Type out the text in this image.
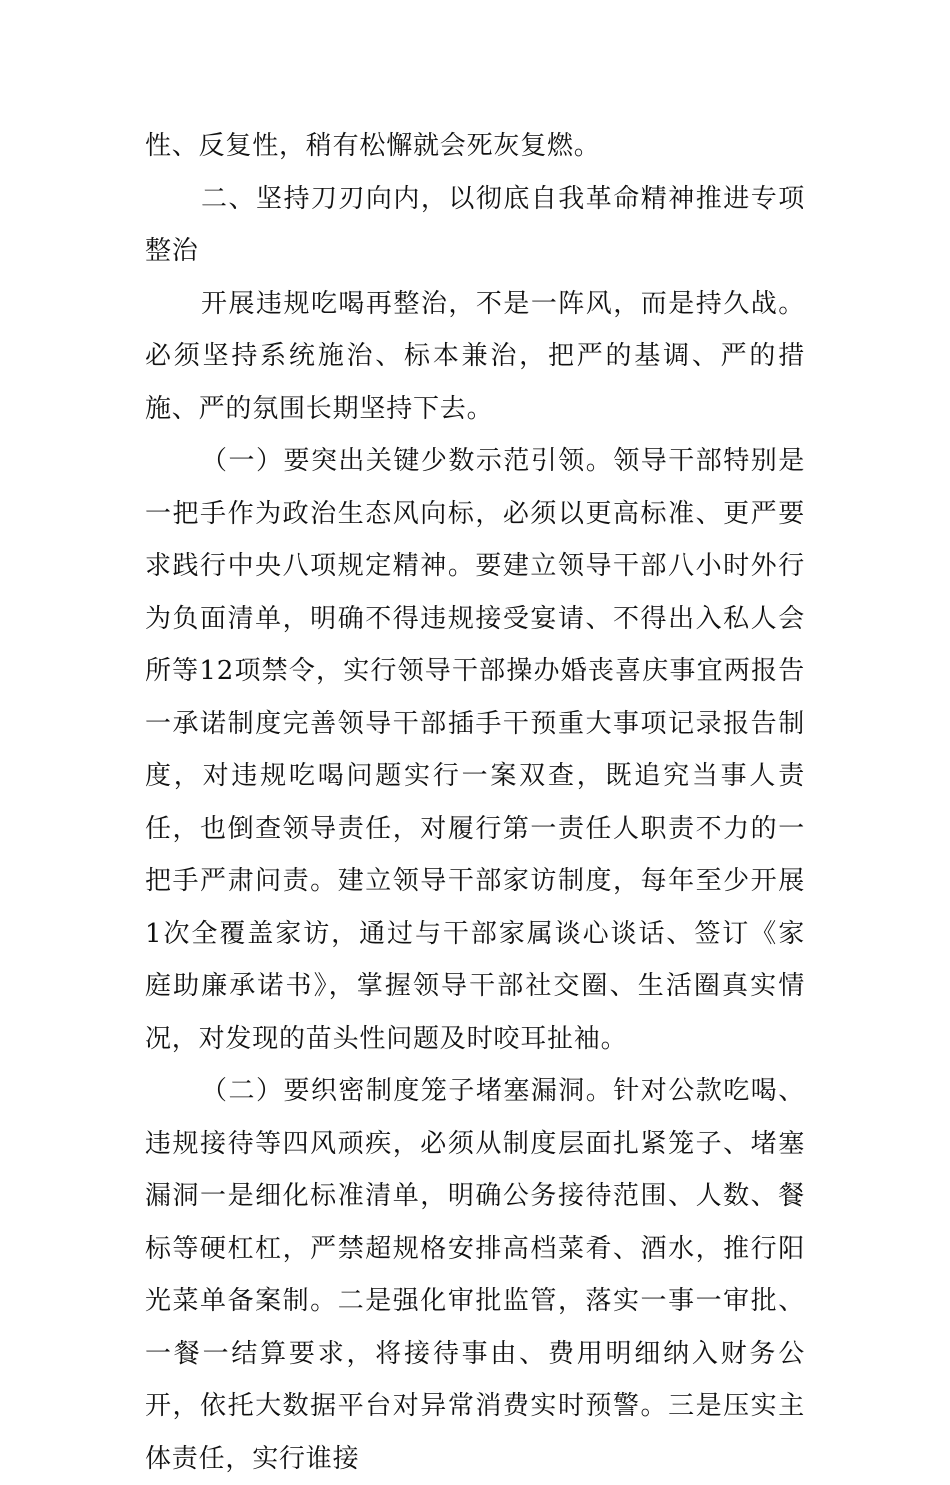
性、反复性，稍有松懈就会死灰复燃。

二、坚持刀刃向内，以彻底自我革命精神推进专项整治

开展违规吃喝再整治，不是一阵风，而是持久战。必须坚持系统施治、标本兼治，把严的基调、严的措施、严的氛围长期坚持下去。

（一）要突出关键少数示范引领。领导干部特别是一把手作为政治生态风向标，必须以更高标准、更严要求践行中央八项规定精神。要建立领导干部八小时外行为负面清单，明确不得违规接受宴请、不得出入私人会所等12项禁令，实行领导干部操办婚丧喜庆事宜两报告一承诺制度完善领导干部插手干预重大事项记录报告制度，对违规吃喝问题实行一案双查，既追究当事人责任，也倒查领导责任，对履行第一责任人职责不力的一把手严肃问责。建立领导干部家访制度，每年至少开展1次全覆盖家访，通过与干部家属谈心谈话、签订《家庭助廉承诺书》，掌握领导干部社交圈、生活圈真实情况，对发现的苗头性问题及时咬耳扯袖。

（二）要织密制度笼子堵塞漏洞。针对公款吃喝、违规接待等四风顽疾，必须从制度层面扎紧笼子、堵塞漏洞一是细化标准清单，明确公务接待范围、人数、餐标等硬杠杠，严禁超规格安排高档菜肴、酒水，推行阳光菜单备案制。二是强化审批监管，落实一事一审批、一餐一结算要求，将接待事由、费用明细纳入财务公开，依托大数据平台对异常消费实时预警。三是压实主体责任，实行谁接
